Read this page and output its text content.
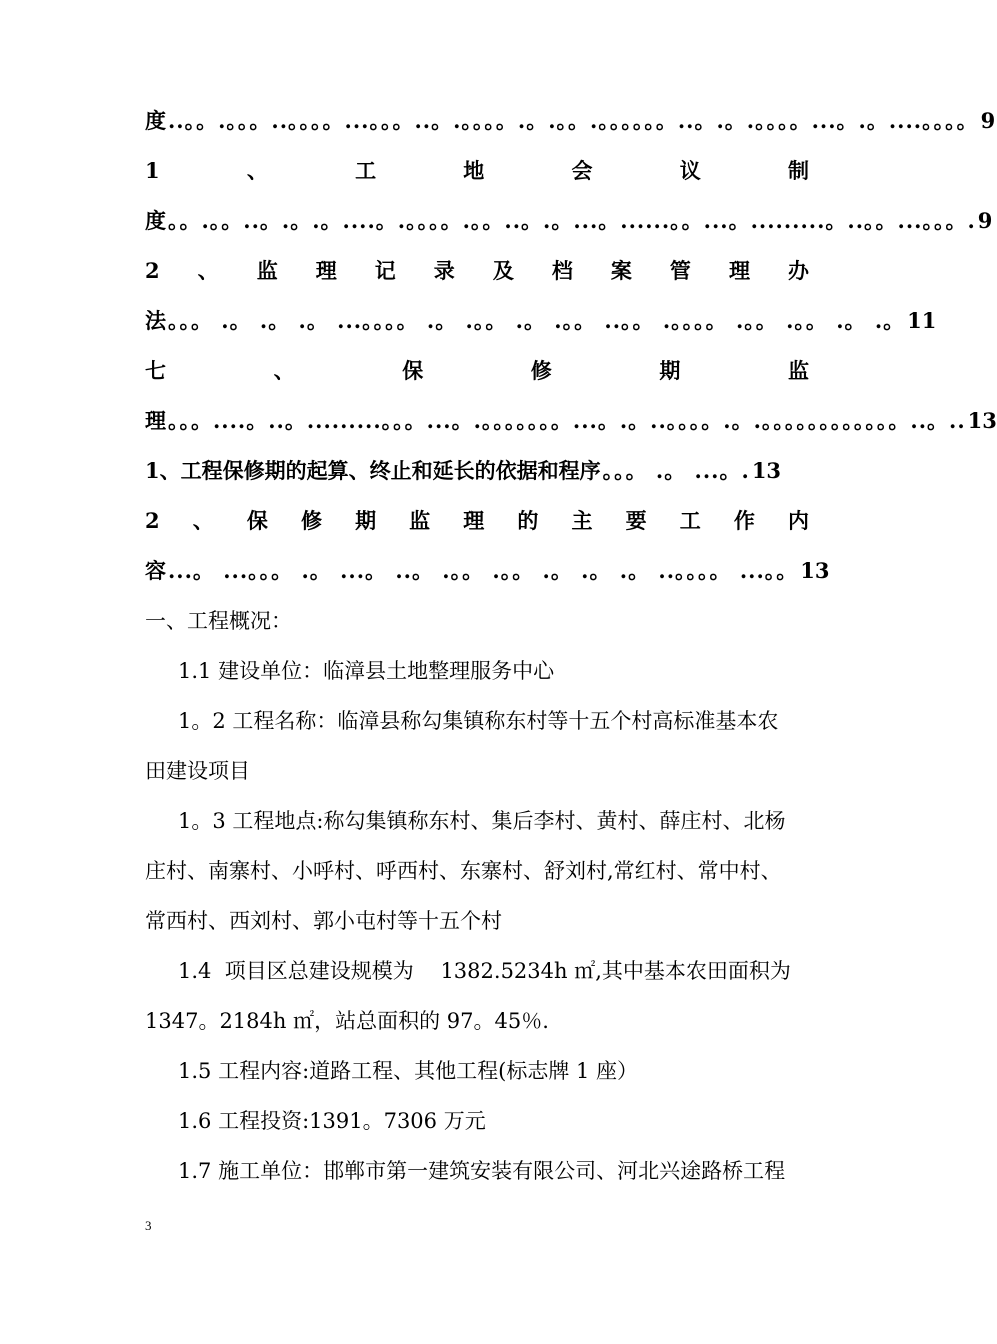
度 ..。。.。。。..。。。。...。。。..。.。。。。.。.。。.。。。。。。..。.。.。。。。...。.。....。。。。 9
1	、	工	地	会	议	制
度 。。.。。..。.。.。....。.。。。。.。。..。.。...。......。。...。.........。..。。...。。。. 9
2 、 监 理 记 录 及 档 案 管 理 办
法 。。。 .。 .。 .。 ...。。。。 .。 .。。 .。 .。。 ..。。 .。。。。 .。。 .。。 .。 .。 11
七	、	保	修	期	监
理 。。。....。..。.........。。。...。.。。。。。。。...。.。..。。。。.。.。。。。。。。。。。。。..。.. 13
1、工程保修期的起算、终止和延长的依据和程序 。。。 .。 ...。. 13
2 、 保 修 期 监 理 的 主 要 工 作 内
容 ...。 ...。。。 .。 ...。 ..。 .。。 .。。 .。 .。 .。 ..。。。。 ...。。 13
一、工程概况：
1.1 建设单位：临漳县土地整理服务中心
1。2 工程名称：临漳县称勾集镇称东村等十五个村高标准基本农
田建设项目
1。3 工程地点:称勾集镇称东村、集后李村、黄村、薛庄村、北杨
庄村、南寨村、小呼村、呼西村、东寨村、舒刘村,常红村、常中村、
常西村、西刘村、郭小屯村等十五个村
1.4  项目区总建设规模为    1382.5234h ㎡,其中基本农田面积为
1347。2184h ㎡，站总面积的 97。45％.
1.5 工程内容:道路工程、其他工程(标志牌 1 座）
1.6 工程投资:1391。7306 万元
1.7 施工单位：邯郸市第一建筑安装有限公司、河北兴途路桥工程
3
